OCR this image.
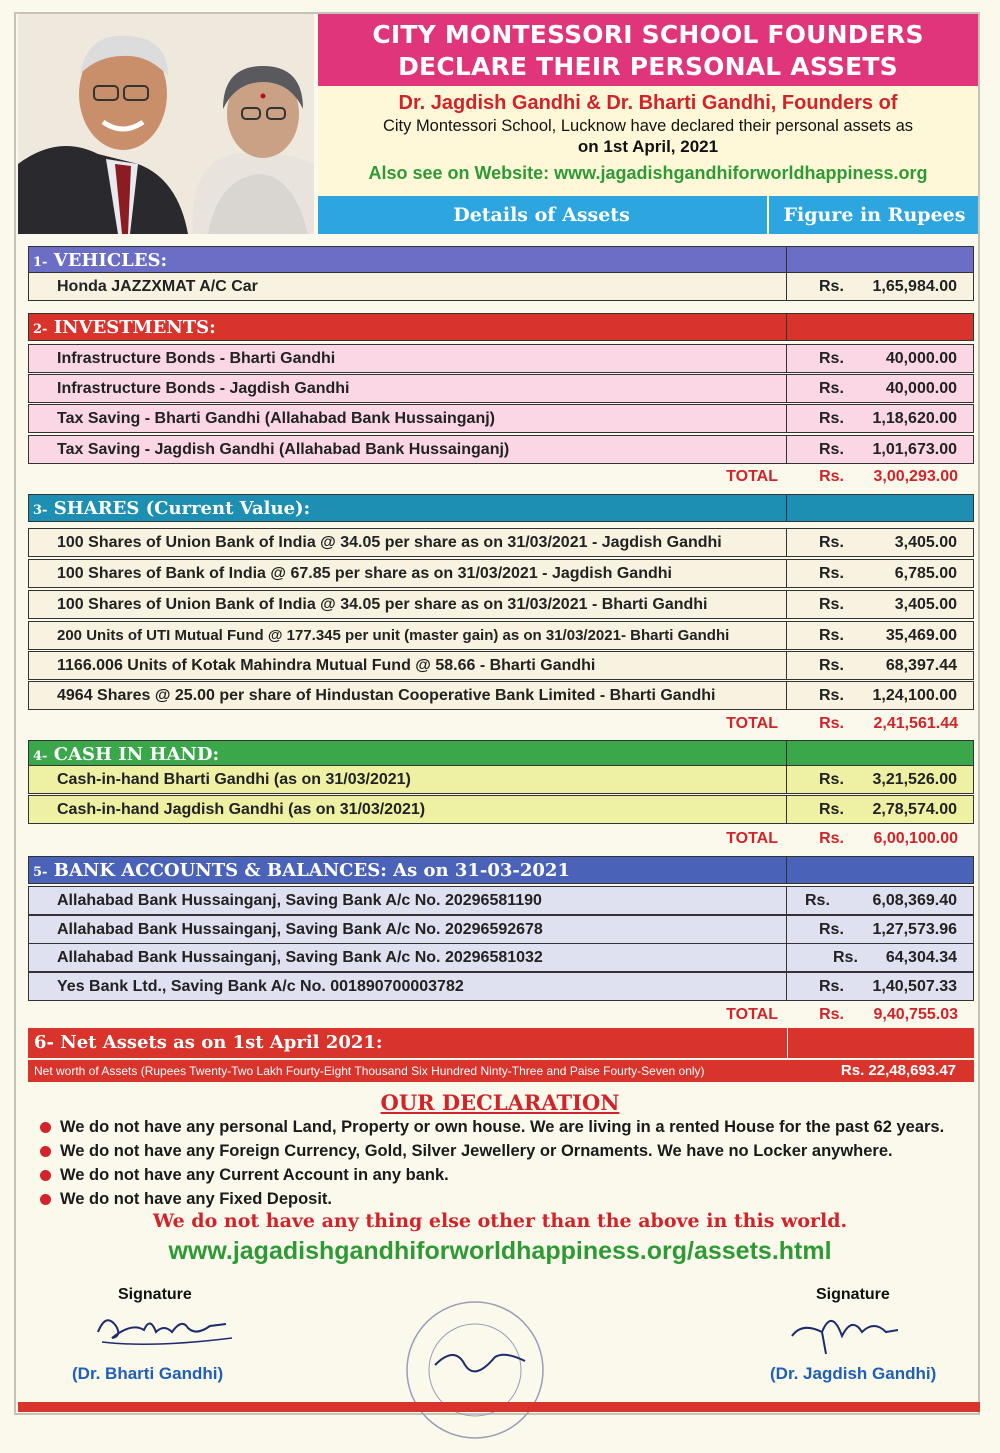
CITY MONTESSORI SCHOOL FOUNDERS
DECLARE THEIR PERSONAL ASSETS
Dr. Jagdish Gandhi & Dr. Bharti Gandhi, Founders of
City Montessori School, Lucknow have declared their personal assets as
on 1st April, 2021
Also see on Website: www.jagadishgandhiforworldhappiness.org
Details of Assets	Figure in Rupees
1- VEHICLES:
Honda JAZZXMAT A/C Car	Rs. 1,65,984.00
2- INVESTMENTS:
Infrastructure Bonds - Bharti Gandhi	Rs.	40,000.00
Infrastructure Bonds - Jagdish Gandhi	Rs.	40,000.00
Tax Saving - Bharti Gandhi (Allahabad Bank Hussainganj)	Rs. 1,18,620.00
Tax Saving - Jagdish Gandhi (Allahabad Bank Hussainganj)	Rs. 1,01,673.00
TOTAL	Rs. 3,00,293.00
3- SHARES (Current Value):
100 Shares of Union Bank of India @ 34.05 per share as on 31/03/2021 - Jagdish Gandhi	Rs.	3,405.00
100 Shares of Bank of India @ 67.85 per share as on 31/03/2021 - Jagdish Gandhi	Rs.	6,785.00
100 Shares of Union Bank of India @ 34.05 per share as on 31/03/2021 - Bharti Gandhi	Rs.	3,405.00
200 Units of UTI Mutual Fund @ 177.345 per unit (master gain) as on 31/03/2021- Bharti Gandhi	Rs.	35,469.00
1166.006 Units of Kotak Mahindra Mutual Fund @ 58.66 - Bharti Gandhi	Rs.	68,397.44
4964 Shares @ 25.00 per share of Hindustan Cooperative Bank Limited - Bharti Gandhi	Rs. 1,24,100.00
TOTAL	Rs. 2,41,561.44
4- CASH IN HAND:
Cash-in-hand Bharti Gandhi (as on 31/03/2021)	Rs. 3,21,526.00
Cash-in-hand Jagdish Gandhi (as on 31/03/2021)	Rs. 2,78,574.00
TOTAL	Rs. 6,00,100.00
5- BANK ACCOUNTS & BALANCES: As on 31-03-2021
Allahabad Bank Hussainganj, Saving Bank A/c No. 20296581190	Rs.	6,08,369.40
Allahabad Bank Hussainganj, Saving Bank A/c No. 20296592678	Rs. 1,27,573.96
Allahabad Bank Hussainganj, Saving Bank A/c No. 20296581032	Rs. 64,304.34
Yes Bank Ltd., Saving Bank A/c No. 001890700003782	Rs. 1,40,507.33
TOTAL	Rs. 9,40,755.03
6- Net Assets as on 1st April 2021:
Net worth of Assets (Rupees Twenty-Two Lakh Fourty-Eight Thousand Six Hundred Ninty-Three and Paise Fourty-Seven only)	Rs. 22,48,693.47
OUR DECLARATION
We do not have any personal Land, Property or own house. We are living in a rented House for the past 62 years.
We do not have any Foreign Currency, Gold, Silver Jewellery or Ornaments. We have no Locker anywhere.
We do not have any Current Account in any bank.
We do not have any Fixed Deposit.
We do not have any thing else other than the above in this world.
www.jagadishgandhiforworldhappiness.org/assets.html
Signature
(Dr. Bharti Gandhi)
Signature
(Dr. Jagdish Gandhi)
